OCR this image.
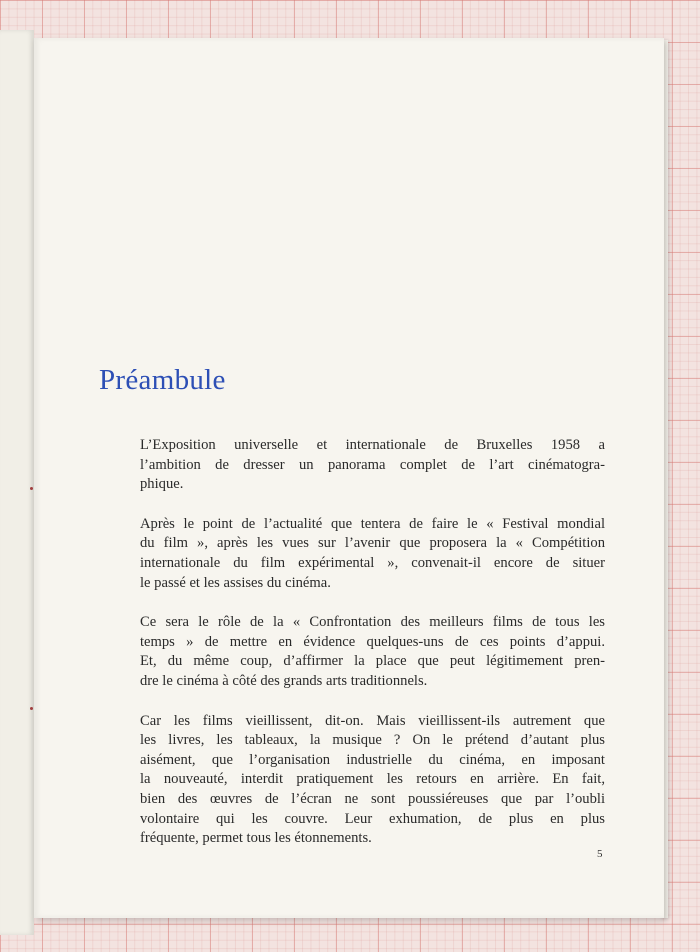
Préambule

L’Exposition universelle et internationale de Bruxelles 1958 a
l’ambition de dresser un panorama complet de l’art cinématogra-
phique.

Après le point de l’actualité que tentera de faire le « Festival mondial
du film », après les vues sur l’avenir que proposera la « Compétition
internationale du film expérimental », convenait-il encore de situer
le passé et les assises du cinéma.

Ce sera le rôle de la « Confrontation des meilleurs films de tous les
temps » de mettre en évidence quelques-uns de ces points d’appui.
Et, du même coup, d’affirmer la place que peut légitimement pren-
dre le cinéma à côté des grands arts traditionnels.

Car les films vieillissent, dit-on. Mais vieillissent-ils autrement que
les livres, les tableaux, la musique ? On le prétend d’autant plus
aisément, que l’organisation industrielle du cinéma, en imposant
la nouveauté, interdit pratiquement les retours en arrière. En fait,
bien des œuvres de l’écran ne sont poussiéreuses que par l’oubli
volontaire qui les couvre. Leur exhumation, de plus en plus
fréquente, permet tous les étonnements.

5
